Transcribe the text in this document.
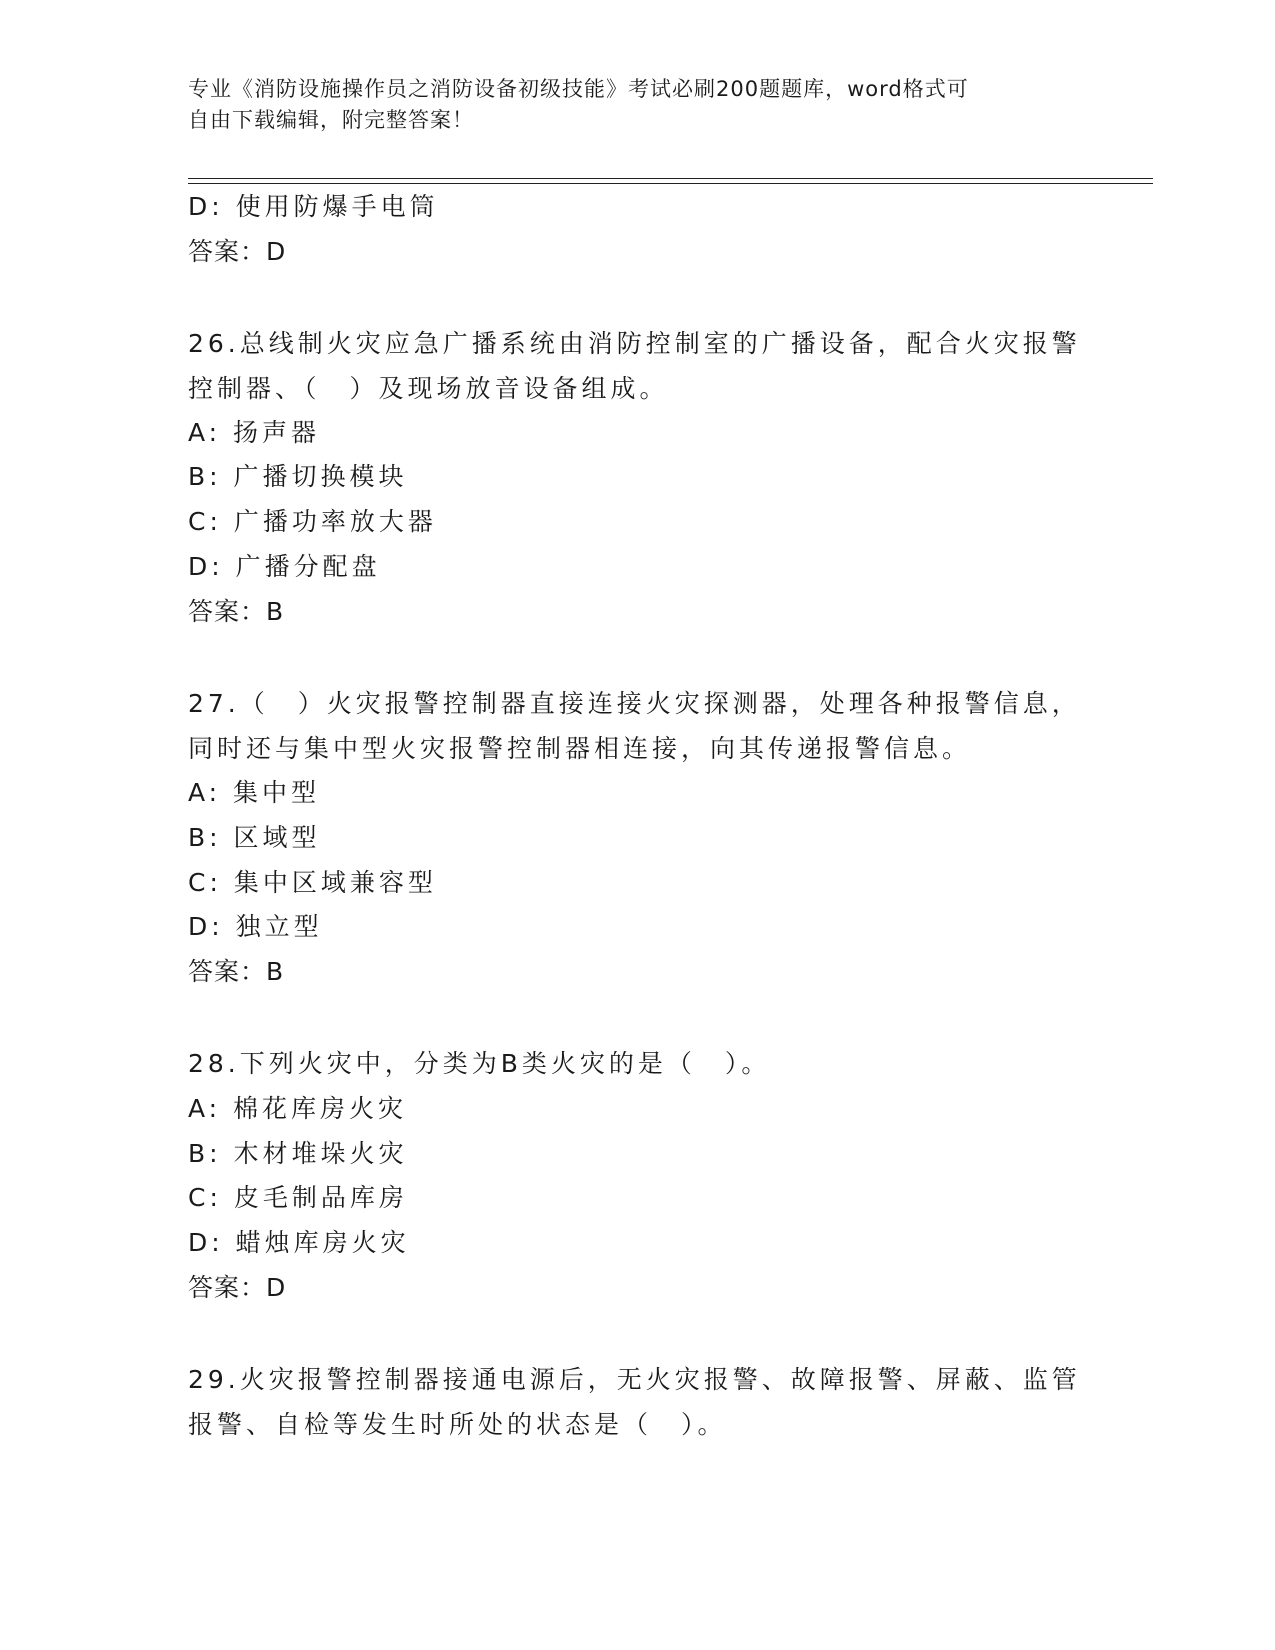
专业《消防设施操作员之消防设备初级技能》考试必刷200题题库，word格式可
自由下载编辑，附完整答案！
D: 使用防爆手电筒
答案：D
26.总线制火灾应急广播系统由消防控制室的广播设备，配合火灾报警
控制器、（　）及现场放音设备组成。
A: 扬声器
B: 广播切换模块
C: 广播功率放大器
D: 广播分配盘
答案：B
27.（　）火灾报警控制器直接连接火灾探测器，处理各种报警信息，
同时还与集中型火灾报警控制器相连接，向其传递报警信息。
A: 集中型
B: 区域型
C: 集中区域兼容型
D: 独立型
答案：B
28.下列火灾中，分类为B类火灾的是（　）。
A: 棉花库房火灾
B: 木材堆垛火灾
C: 皮毛制品库房
D: 蜡烛库房火灾
答案：D
29.火灾报警控制器接通电源后，无火灾报警、故障报警、屏蔽、监管
报警、自检等发生时所处的状态是（　）。
